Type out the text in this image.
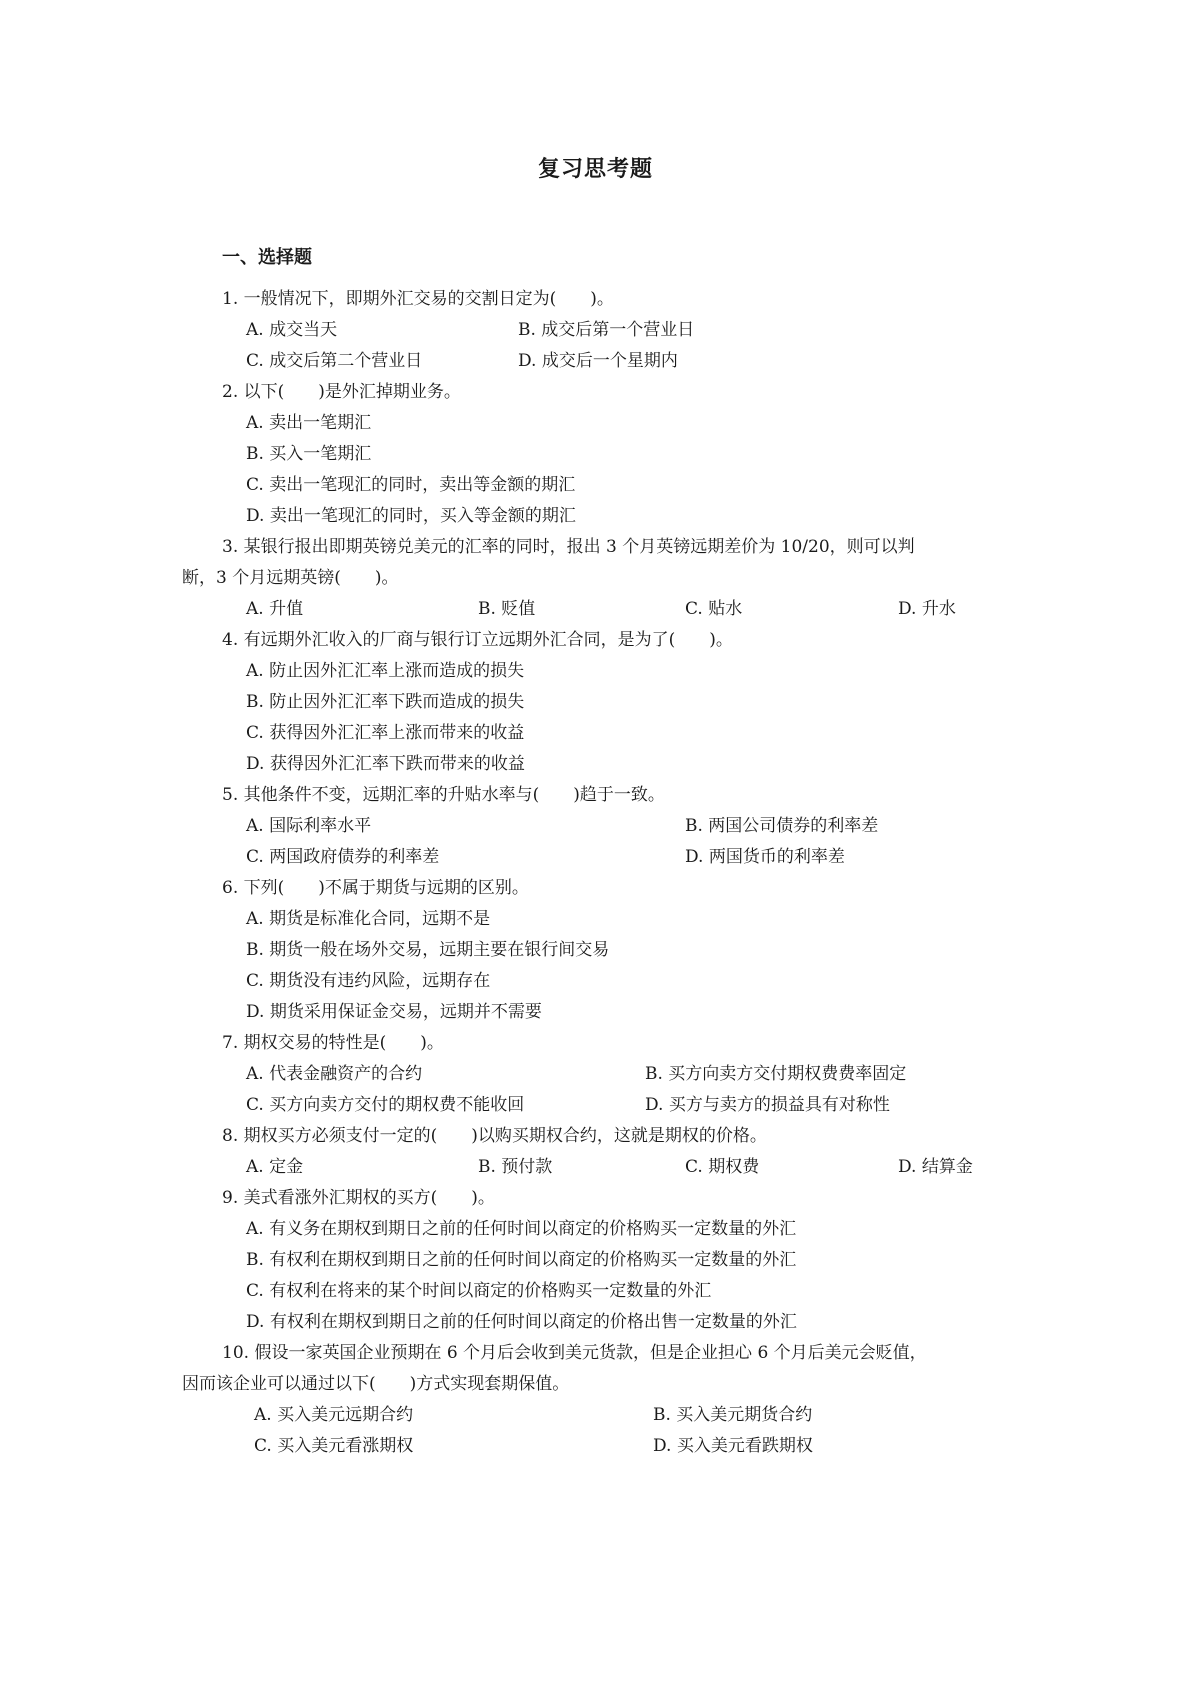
复习思考题
一、选择题
1. 一般情况下，即期外汇交易的交割日定为(　　)。
A. 成交当天	B. 成交后第一个营业日
C. 成交后第二个营业日	D. 成交后一个星期内
2. 以下(　　)是外汇掉期业务。
A. 卖出一笔期汇
B. 买入一笔期汇
C. 卖出一笔现汇的同时，卖出等金额的期汇
D. 卖出一笔现汇的同时，买入等金额的期汇
3. 某银行报出即期英镑兑美元的汇率的同时，报出 3 个月英镑远期差价为 10/20，则可以判
断，3 个月远期英镑(　　)。
A. 升值	B. 贬值	C. 贴水	D. 升水
4. 有远期外汇收入的厂商与银行订立远期外汇合同，是为了(　　)。
A. 防止因外汇汇率上涨而造成的损失
B. 防止因外汇汇率下跌而造成的损失
C. 获得因外汇汇率上涨而带来的收益
D. 获得因外汇汇率下跌而带来的收益
5. 其他条件不变，远期汇率的升贴水率与(　　)趋于一致。
A. 国际利率水平	B. 两国公司债券的利率差
C. 两国政府债券的利率差	D. 两国货币的利率差
6. 下列(　　)不属于期货与远期的区别。
A. 期货是标准化合同，远期不是
B. 期货一般在场外交易，远期主要在银行间交易
C. 期货没有违约风险，远期存在
D. 期货采用保证金交易，远期并不需要
7. 期权交易的特性是(　　)。
A. 代表金融资产的合约	B. 买方向卖方交付期权费费率固定
C. 买方向卖方交付的期权费不能收回	D. 买方与卖方的损益具有对称性
8. 期权买方必须支付一定的(　　)以购买期权合约，这就是期权的价格。
A. 定金	B. 预付款	C. 期权费	D. 结算金
9. 美式看涨外汇期权的买方(　　)。
A. 有义务在期权到期日之前的任何时间以商定的价格购买一定数量的外汇
B. 有权利在期权到期日之前的任何时间以商定的价格购买一定数量的外汇
C. 有权利在将来的某个时间以商定的价格购买一定数量的外汇
D. 有权利在期权到期日之前的任何时间以商定的价格出售一定数量的外汇
10. 假设一家英国企业预期在 6 个月后会收到美元货款，但是企业担心 6 个月后美元会贬值，
因而该企业可以通过以下(　　)方式实现套期保值。
A. 买入美元远期合约	B. 买入美元期货合约
C. 买入美元看涨期权	D. 买入美元看跌期权
